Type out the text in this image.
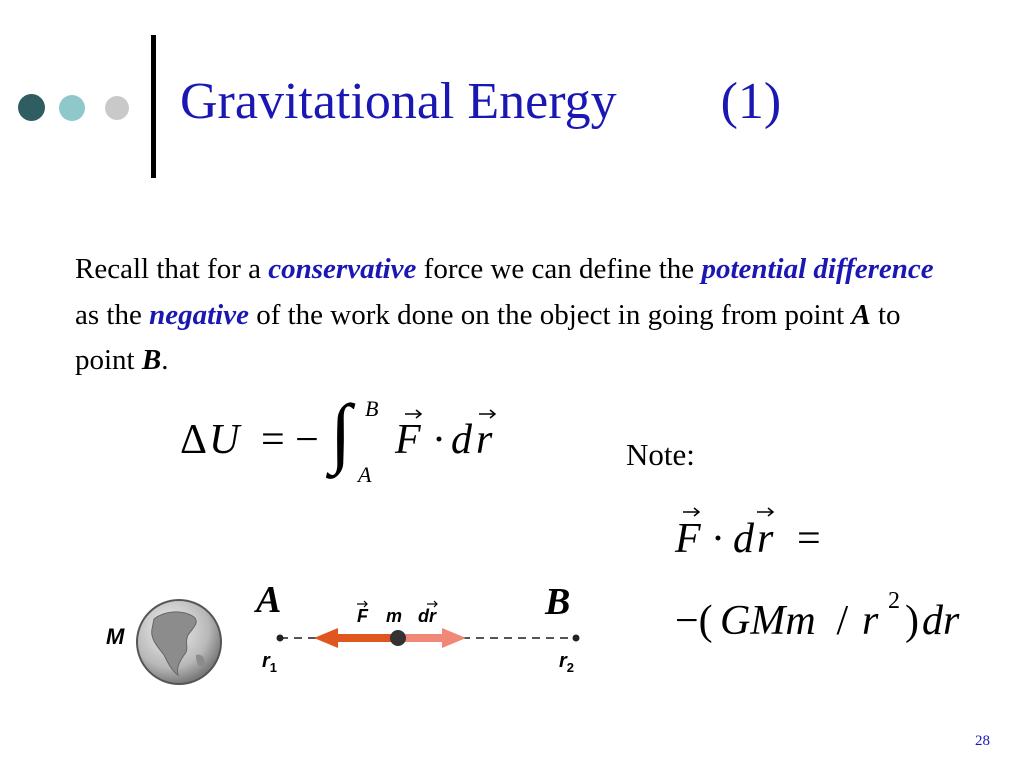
Gravitational Energy        (1)
Recall that for a conservative force we can define the potential difference as the negative of the work done on the object in going from point A to point B.
Δ U = − ∫ B
A
F · d r	Note:
F · d r =
−( GMm / r 2 ) dr
A	B
M
F m dr
$r_1$	$r_2$
28
